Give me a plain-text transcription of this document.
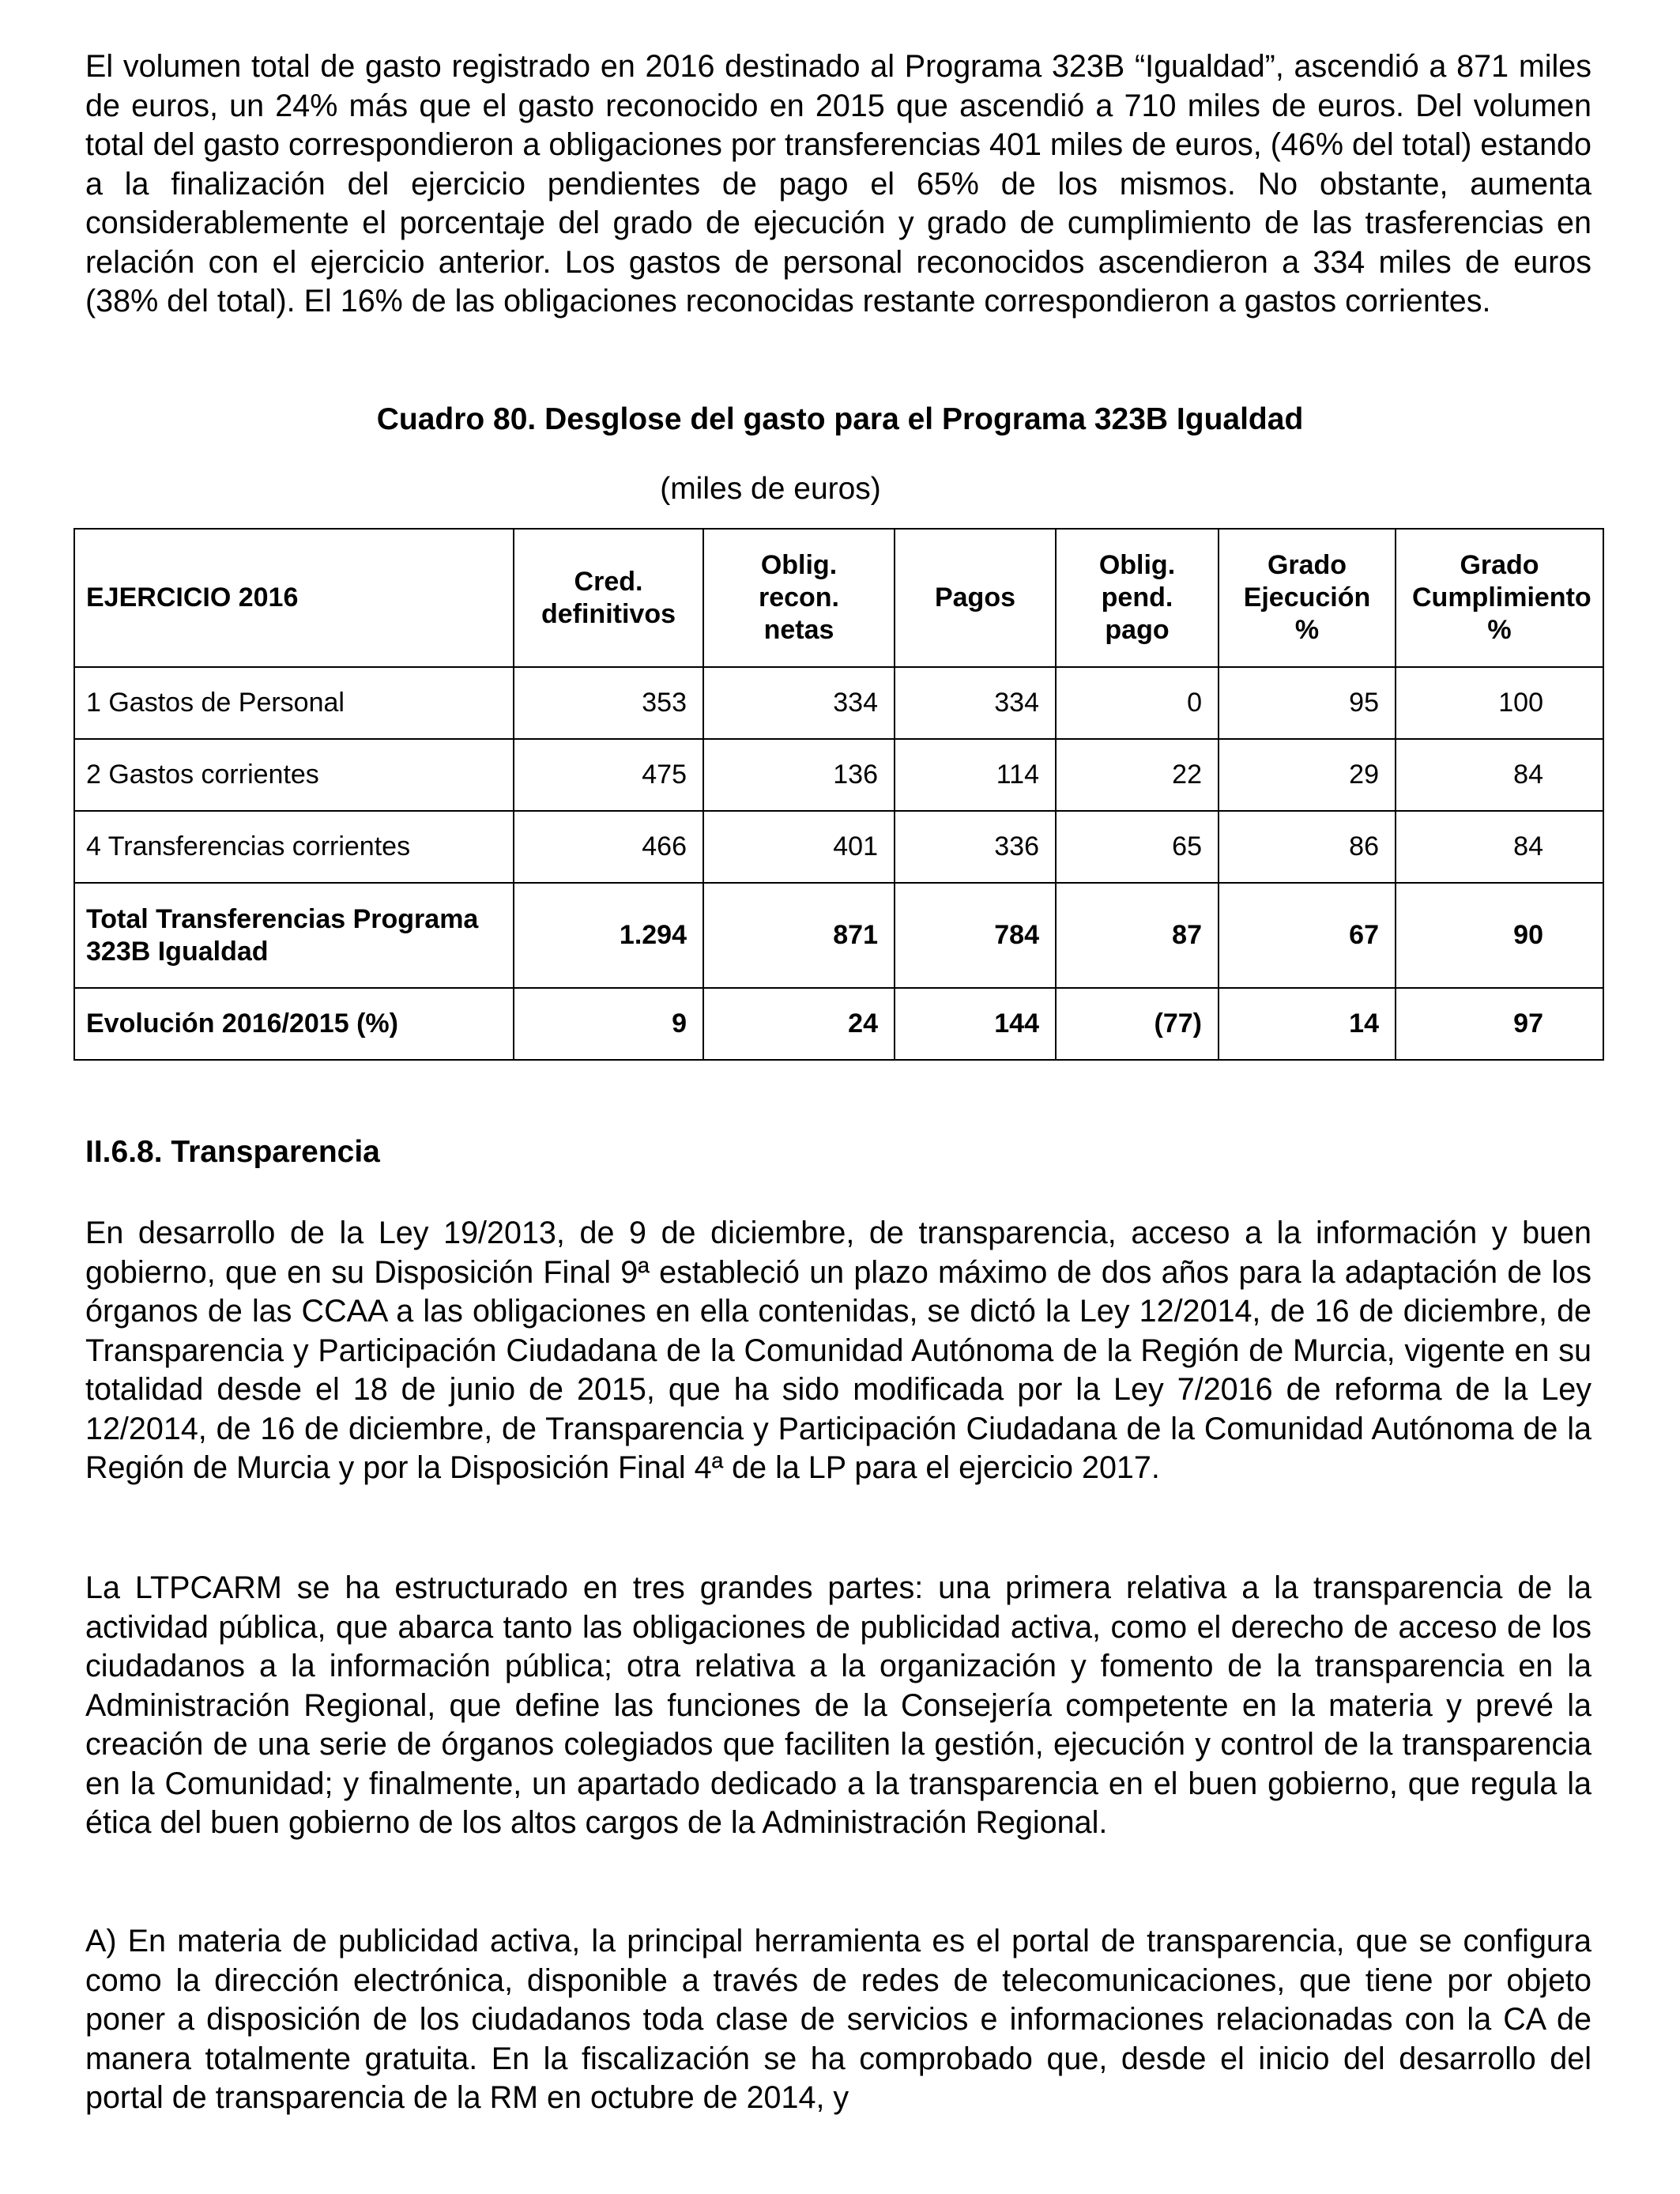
El volumen total de gasto registrado en 2016 destinado al Programa 323B “Igualdad”, ascendió a 871 miles de euros, un 24% más que el gasto reconocido en 2015 que ascendió a 710 miles de euros. Del volumen total del gasto correspondieron a obligaciones por transferencias 401 miles de euros, (46% del total) estando a la finalización del ejercicio pendientes de pago el 65% de los mismos. No obstante, aumenta considerablemente el porcentaje del grado de ejecución y grado de cumplimiento de las trasferencias en relación con el ejercicio anterior. Los gastos de personal reconocidos ascendieron a 334 miles de euros (38% del total). El 16% de las obligaciones reconocidas restante correspondieron a gastos corrientes.

Cuadro 80. Desglose del gasto para el Programa 323B Igualdad

(miles de euros)

EJERCICIO 2016	Cred. definitivos	Oblig. recon. netas	Pagos	Oblig. pend. pago	Grado Ejecución %	Grado Cumplimiento %
1 Gastos de Personal	353	334	334	0	95	100
2 Gastos corrientes	475	136	114	22	29	84
4 Transferencias corrientes	466	401	336	65	86	84
Total Transferencias Programa 323B Igualdad	1.294	871	784	87	67	90
Evolución 2016/2015 (%)	9	24	144	(77)	14	97

II.6.8. Transparencia

En desarrollo de la Ley 19/2013, de 9 de diciembre, de transparencia, acceso a la información y buen gobierno, que en su Disposición Final 9ª estableció un plazo máximo de dos años para la adaptación de los órganos de las CCAA a las obligaciones en ella contenidas, se dictó la Ley 12/2014, de 16 de diciembre, de Transparencia y Participación Ciudadana de la Comunidad Autónoma de la Región de Murcia, vigente en su totalidad desde el 18 de junio de 2015, que ha sido modificada por la Ley 7/2016 de reforma de la Ley 12/2014, de 16 de diciembre, de Transparencia y Participación Ciudadana de la Comunidad Autónoma de la Región de Murcia y por la Disposición Final 4ª de la LP para el ejercicio 2017.

La LTPCARM se ha estructurado en tres grandes partes: una primera relativa a la transparencia de la actividad pública, que abarca tanto las obligaciones de publicidad activa, como el derecho de acceso de los ciudadanos a la información pública; otra relativa a la organización y fomento de la transparencia en la Administración Regional, que define las funciones de la Consejería competente en la materia y prevé la creación de una serie de órganos colegiados que faciliten la gestión, ejecución y control de la transparencia en la Comunidad; y finalmente, un apartado dedicado a la transparencia en el buen gobierno, que regula la ética del buen gobierno de los altos cargos de la Administración Regional.

A) En materia de publicidad activa, la principal herramienta es el portal de transparencia, que se configura como la dirección electrónica, disponible a través de redes de telecomunicaciones, que tiene por objeto poner a disposición de los ciudadanos toda clase de servicios e informaciones relacionadas con la CA de manera totalmente gratuita. En la fiscalización se ha comprobado que, desde el inicio del desarrollo del portal de transparencia de la RM en octubre de 2014, y
